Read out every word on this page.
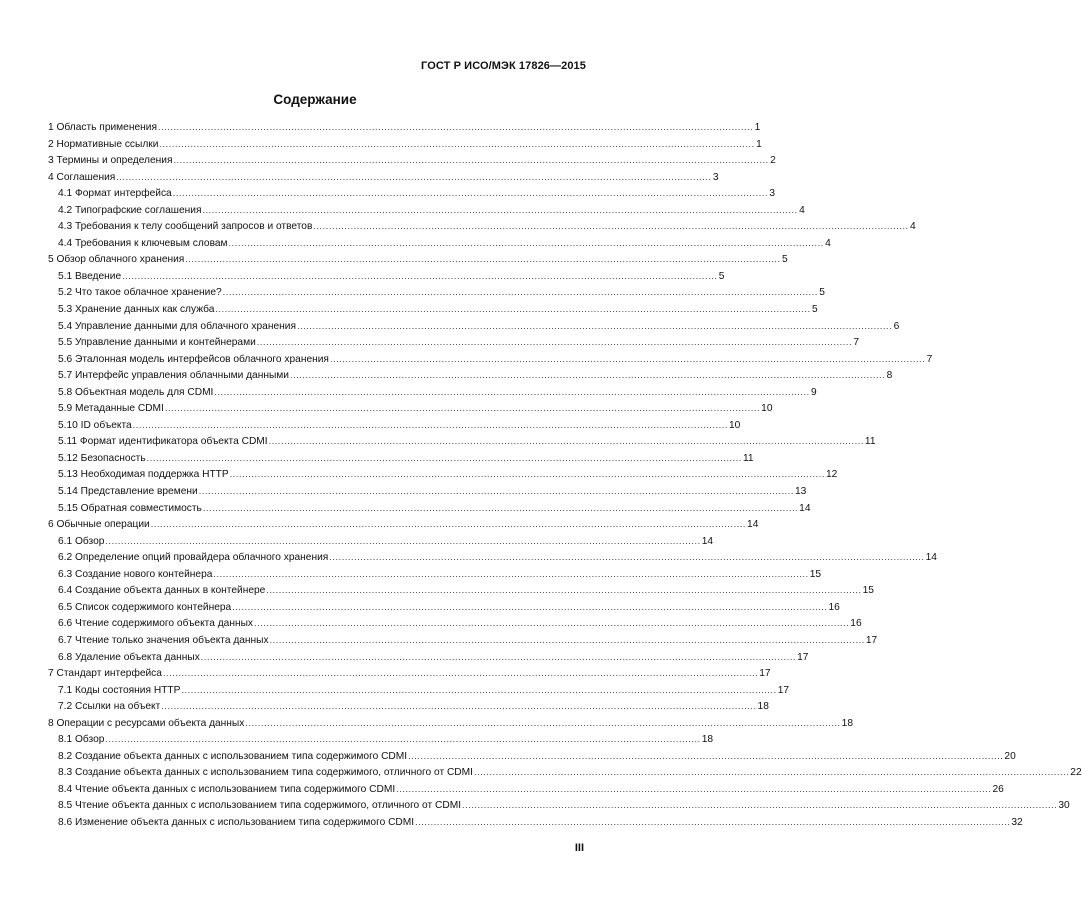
ГОСТ Р ИСО/МЭК 17826—2015
Содержание
1 Область применения .....	1
2 Нормативные ссылки .....	1
3 Термины и определения .....	2
4 Соглашения .....	3
4.1 Формат интерфейса .....	3
4.2 Типографские соглашения .....	4
4.3 Требования к телу сообщений запросов и ответов .....	4
4.4 Требования к ключевым словам .....	4
5 Обзор облачного хранения .....	5
5.1 Введение .....	5
5.2 Что такое облачное хранение? .....	5
5.3 Хранение данных как служба .....	5
5.4 Управление данными для облачного хранения .....	6
5.5 Управление данными и контейнерами .....	7
5.6 Эталонная модель интерфейсов облачного хранения .....	7
5.7 Интерфейс управления облачными данными .....	8
5.8 Объектная модель для CDMI .....	9
5.9 Метаданные CDMI .....	10
5.10 ID объекта .....	10
5.11 Формат идентификатора объекта CDMI .....	11
5.12 Безопасность .....	11
5.13 Необходимая поддержка HTTP .....	12
5.14 Представление времени .....	13
5.15 Обратная совместимость .....	14
6 Обычные операции .....	14
6.1 Обзор .....	14
6.2 Определение опций провайдера облачного хранения .....	14
6.3 Создание нового контейнера .....	15
6.4 Создание объекта данных в контейнере .....	15
6.5 Список содержимого контейнера .....	16
6.6 Чтение содержимого объекта данных .....	16
6.7 Чтение только значения объекта данных .....	17
6.8 Удаление объекта данных .....	17
7 Стандарт интерфейса .....	17
7.1 Коды состояния HTTP .....	17
7.2 Ссылки на объект .....	18
8 Операции с ресурсами объекта данных .....	18
8.1 Обзор .....	18
8.2 Создание объекта данных с использованием типа содержимого CDMI .....	20
8.3 Создание объекта данных с использованием типа содержимого, отличного от CDMI .....	22
8.4 Чтение объекта данных с использованием типа содержимого CDMI .....	26
8.5 Чтение объекта данных с использованием типа содержимого, отличного от CDMI .....	30
8.6 Изменение объекта данных с использованием типа содержимого CDMI .....	32
III
